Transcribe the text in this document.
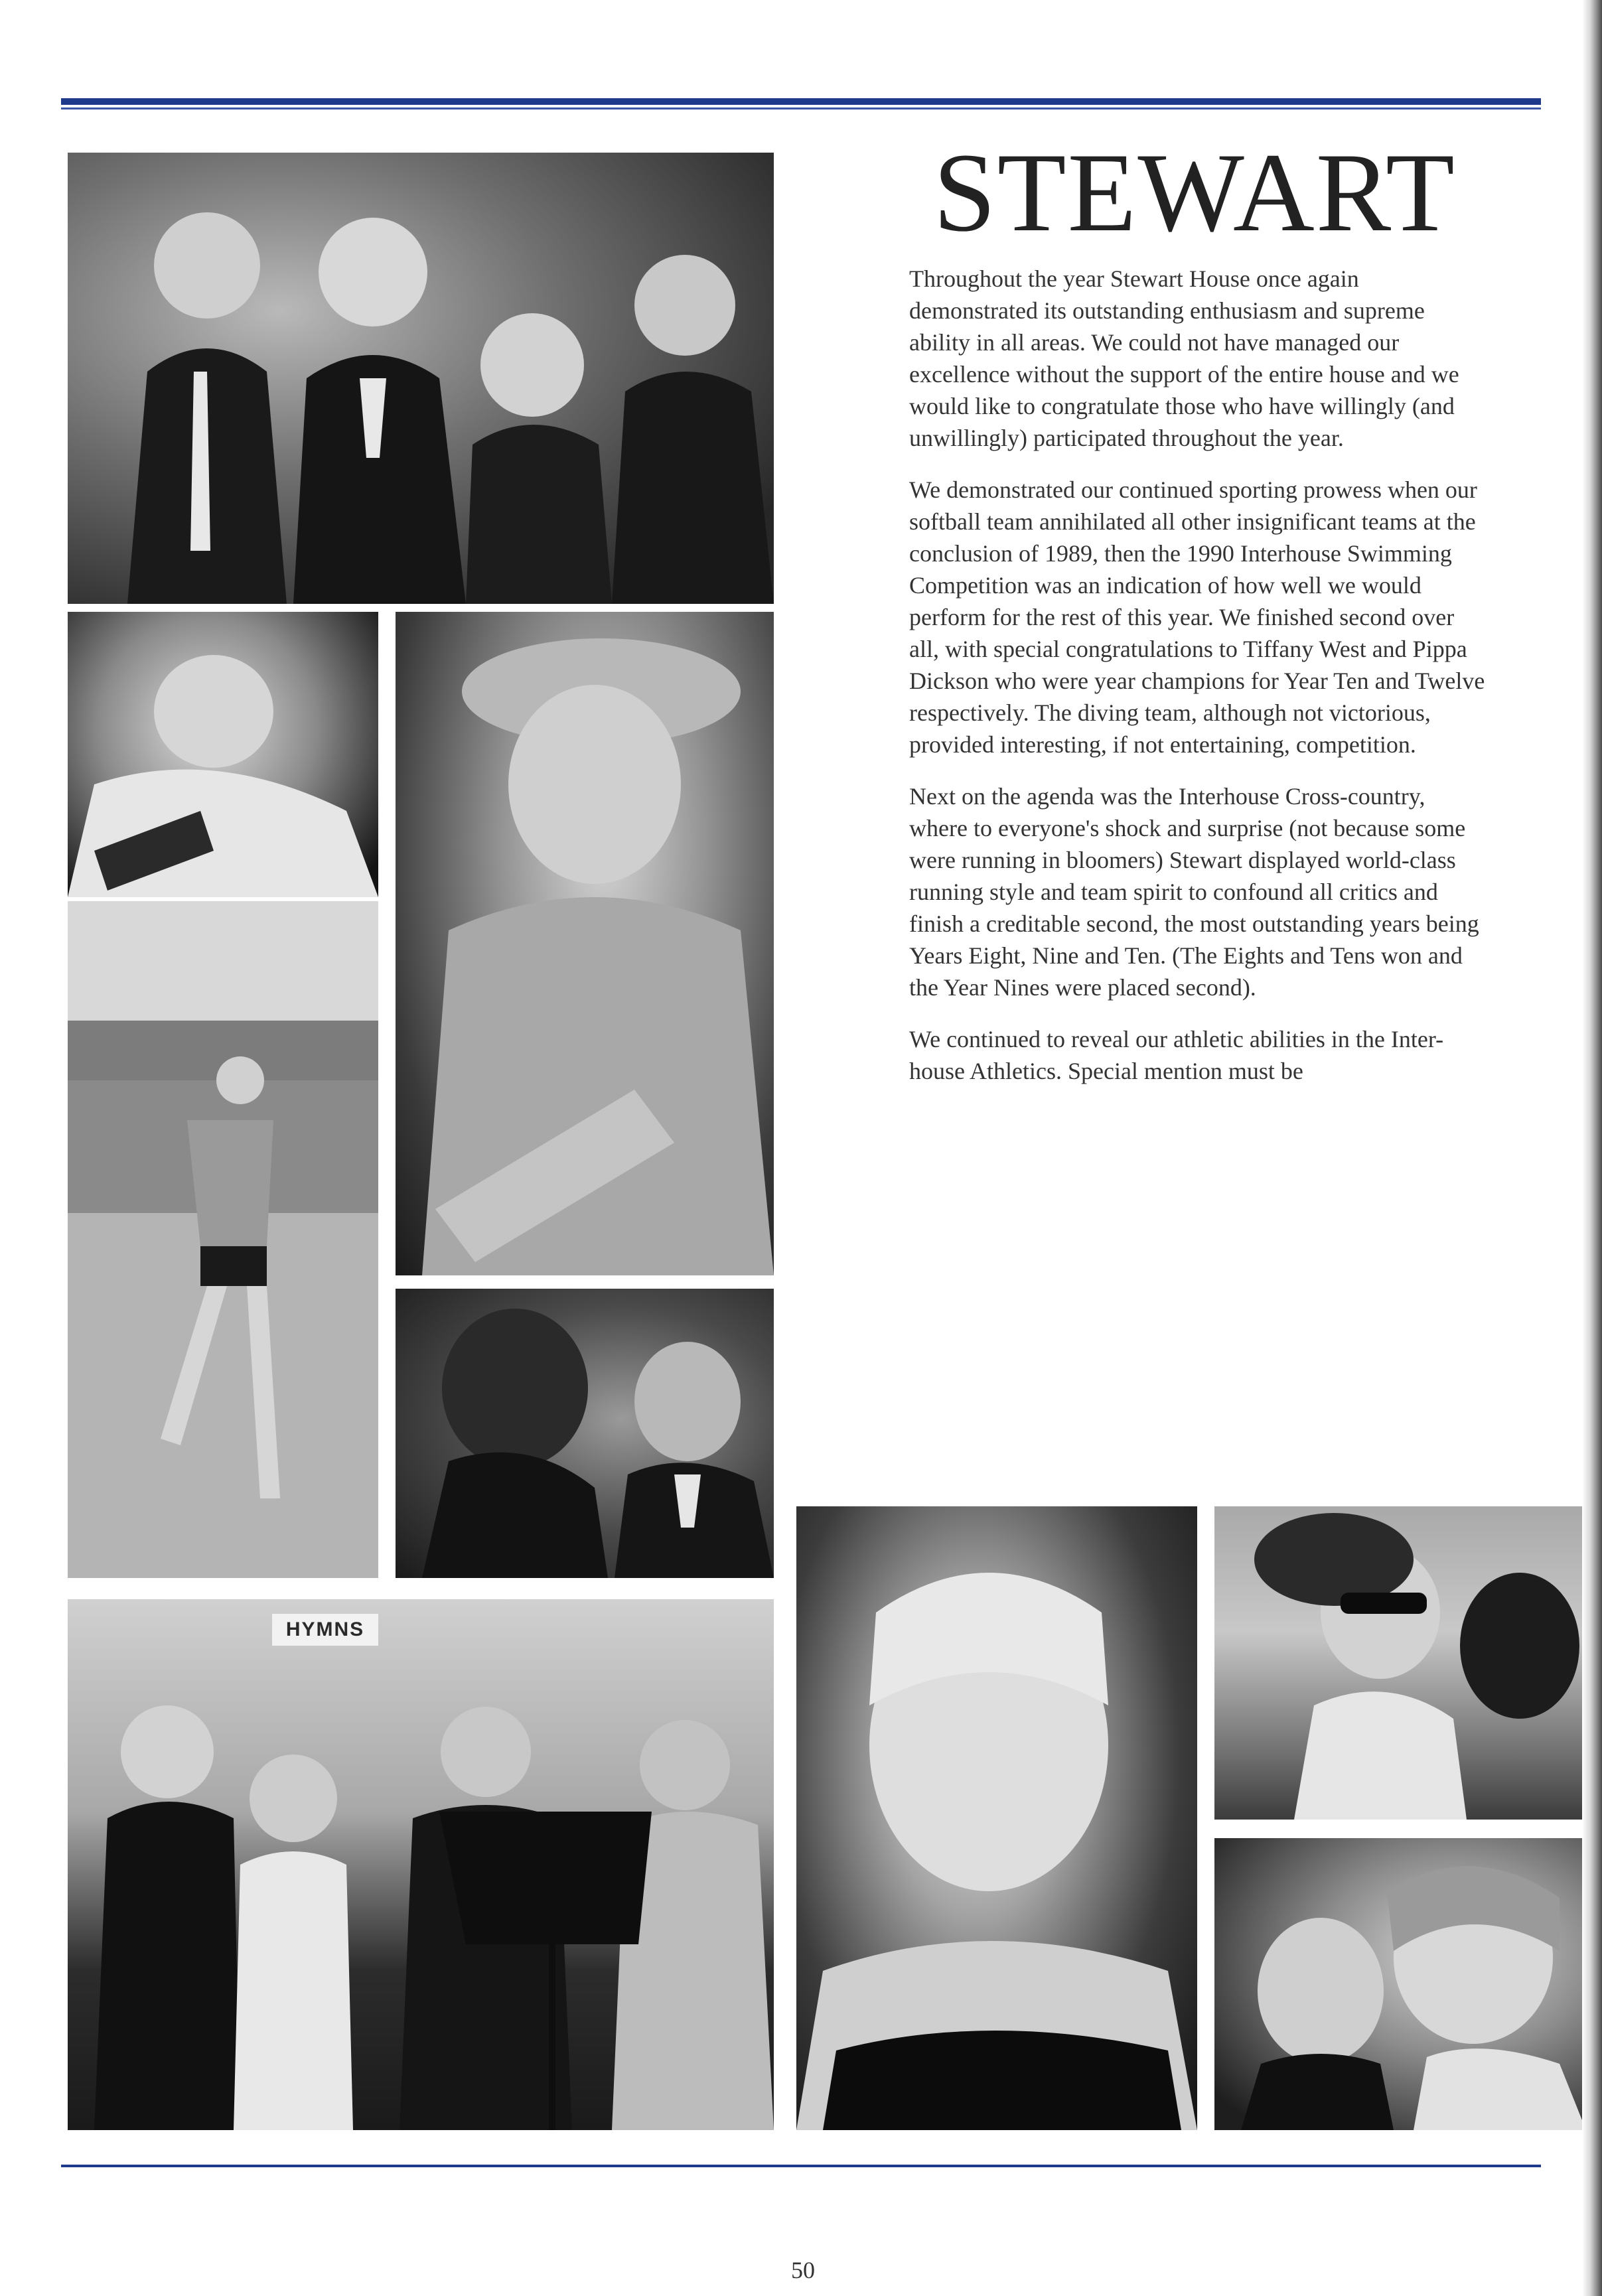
HYMNS
STEWART

Throughout the year Stewart House once again demonstrated its outstanding enthusiasm and supreme ability in all areas. We could not have managed our excellence without the support of the entire house and we would like to congratulate those who have willingly (and unwillingly) participated throughout the year.

We demonstrated our continued sporting prowess when our softball team annihilated all other insignificant teams at the conclusion of 1989, then the 1990 Interhouse Swimming Competition was an indication of how well we would perform for the rest of this year. We finished second over all, with special congratulations to Tiffany West and Pippa Dickson who were year champions for Year Ten and Twelve respectively. The diving team, although not victorious, provided interesting, if not entertaining, competition.

Next on the agenda was the Interhouse Cross-country, where to everyone's shock and surprise (not because some were running in bloomers) Stewart displayed world-class running style and team spirit to confound all critics and finish a creditable second, the most outstanding years being Years Eight, Nine and Ten. (The Eights and Tens won and the Year Nines were placed second).

We continued to reveal our athletic abilities in the Inter-house Athletics. Special mention must be

50
